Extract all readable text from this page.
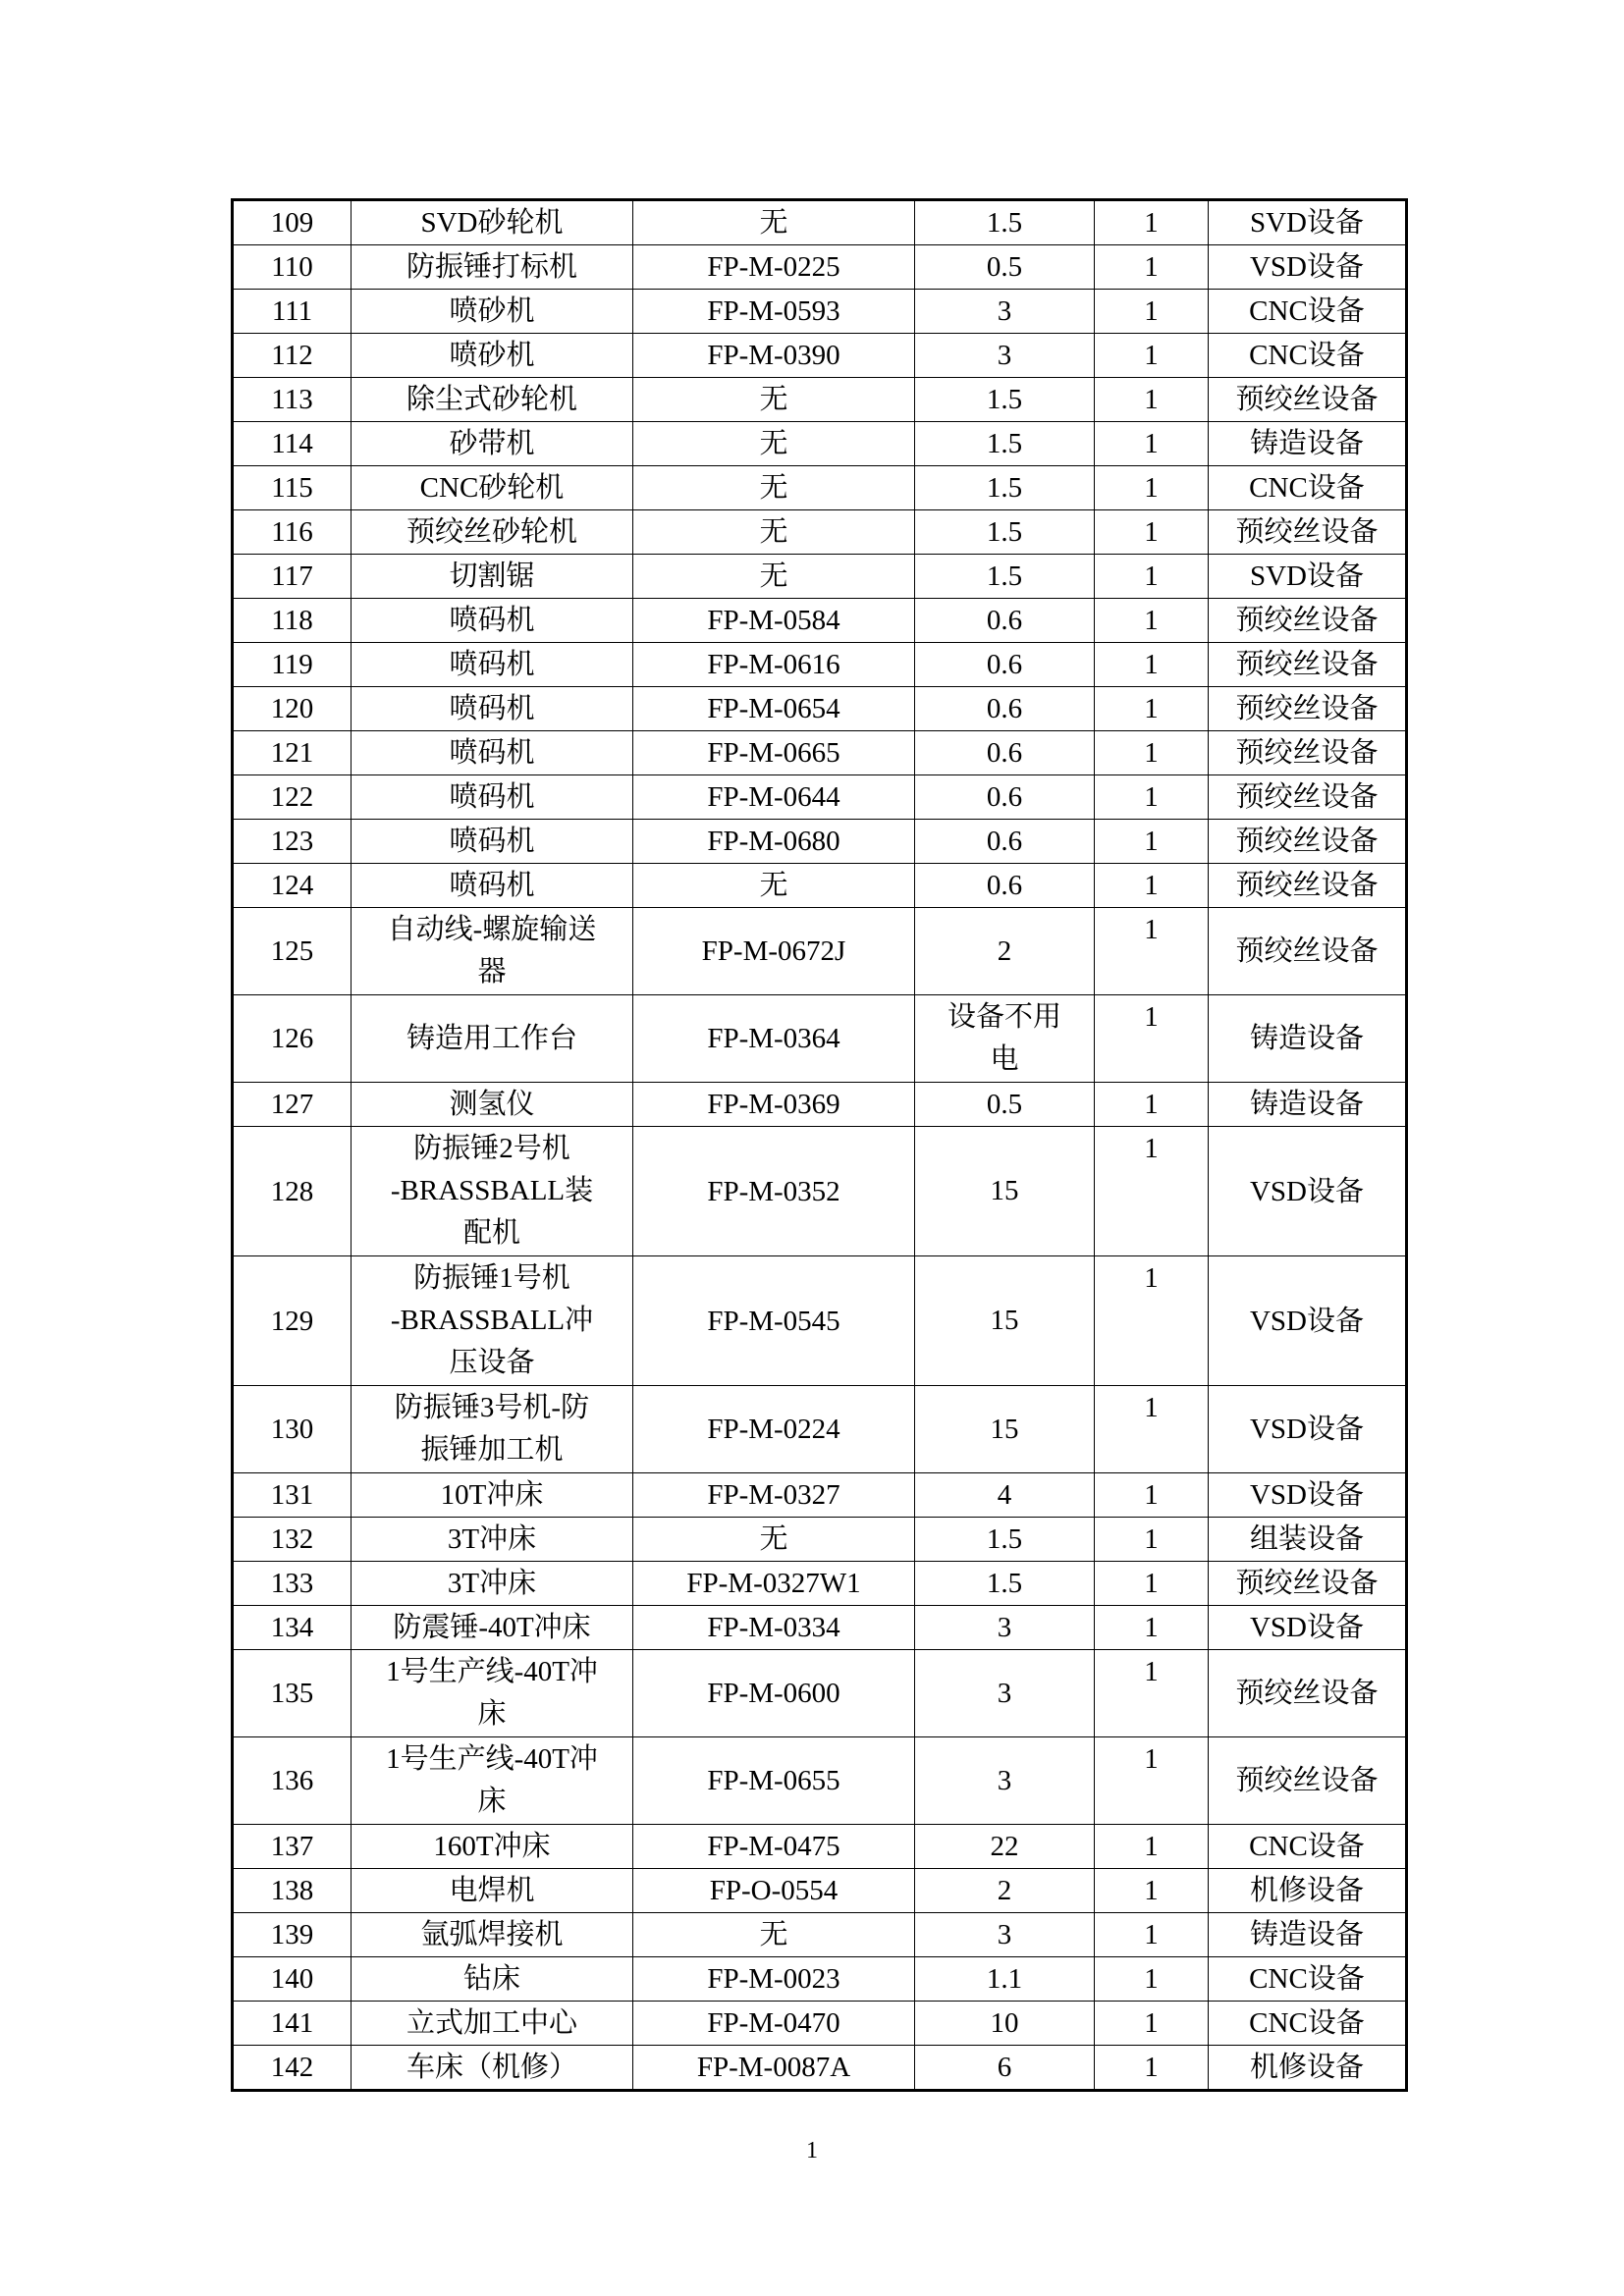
109	SVD砂轮机	无	1.5	1	SVD设备
110	防振锤打标机	FP-M-0225	0.5	1	VSD设备
111	喷砂机	FP-M-0593	3	1	CNC设备
112	喷砂机	FP-M-0390	3	1	CNC设备
113	除尘式砂轮机	无	1.5	1	预绞丝设备
114	砂带机	无	1.5	1	铸造设备
115	CNC砂轮机	无	1.5	1	CNC设备
116	预绞丝砂轮机	无	1.5	1	预绞丝设备
117	切割锯	无	1.5	1	SVD设备
118	喷码机	FP-M-0584	0.6	1	预绞丝设备
119	喷码机	FP-M-0616	0.6	1	预绞丝设备
120	喷码机	FP-M-0654	0.6	1	预绞丝设备
121	喷码机	FP-M-0665	0.6	1	预绞丝设备
122	喷码机	FP-M-0644	0.6	1	预绞丝设备
123	喷码机	FP-M-0680	0.6	1	预绞丝设备
124	喷码机	无	0.6	1	预绞丝设备
125	自动线-螺旋输送
器	FP-M-0672J	2	1	预绞丝设备
126	铸造用工作台	FP-M-0364	设备不用
电	1	铸造设备
127	测氢仪	FP-M-0369	0.5	1	铸造设备
128	防振锤2号机
-BRASSBALL装
配机	FP-M-0352	15	1	VSD设备
129	防振锤1号机
-BRASSBALL冲
压设备	FP-M-0545	15	1	VSD设备
130	防振锤3号机-防
振锤加工机	FP-M-0224	15	1	VSD设备
131	10T冲床	FP-M-0327	4	1	VSD设备
132	3T冲床	无	1.5	1	组装设备
133	3T冲床	FP-M-0327W1	1.5	1	预绞丝设备
134	防震锤-40T冲床	FP-M-0334	3	1	VSD设备
135	1号生产线-40T冲
床	FP-M-0600	3	1	预绞丝设备
136	1号生产线-40T冲
床	FP-M-0655	3	1	预绞丝设备
137	160T冲床	FP-M-0475	22	1	CNC设备
138	电焊机	FP-O-0554	2	1	机修设备
139	氩弧焊接机	无	3	1	铸造设备
140	钻床	FP-M-0023	1.1	1	CNC设备
141	立式加工中心	FP-M-0470	10	1	CNC设备
142	车床（机修）	FP-M-0087A	6	1	机修设备
1
